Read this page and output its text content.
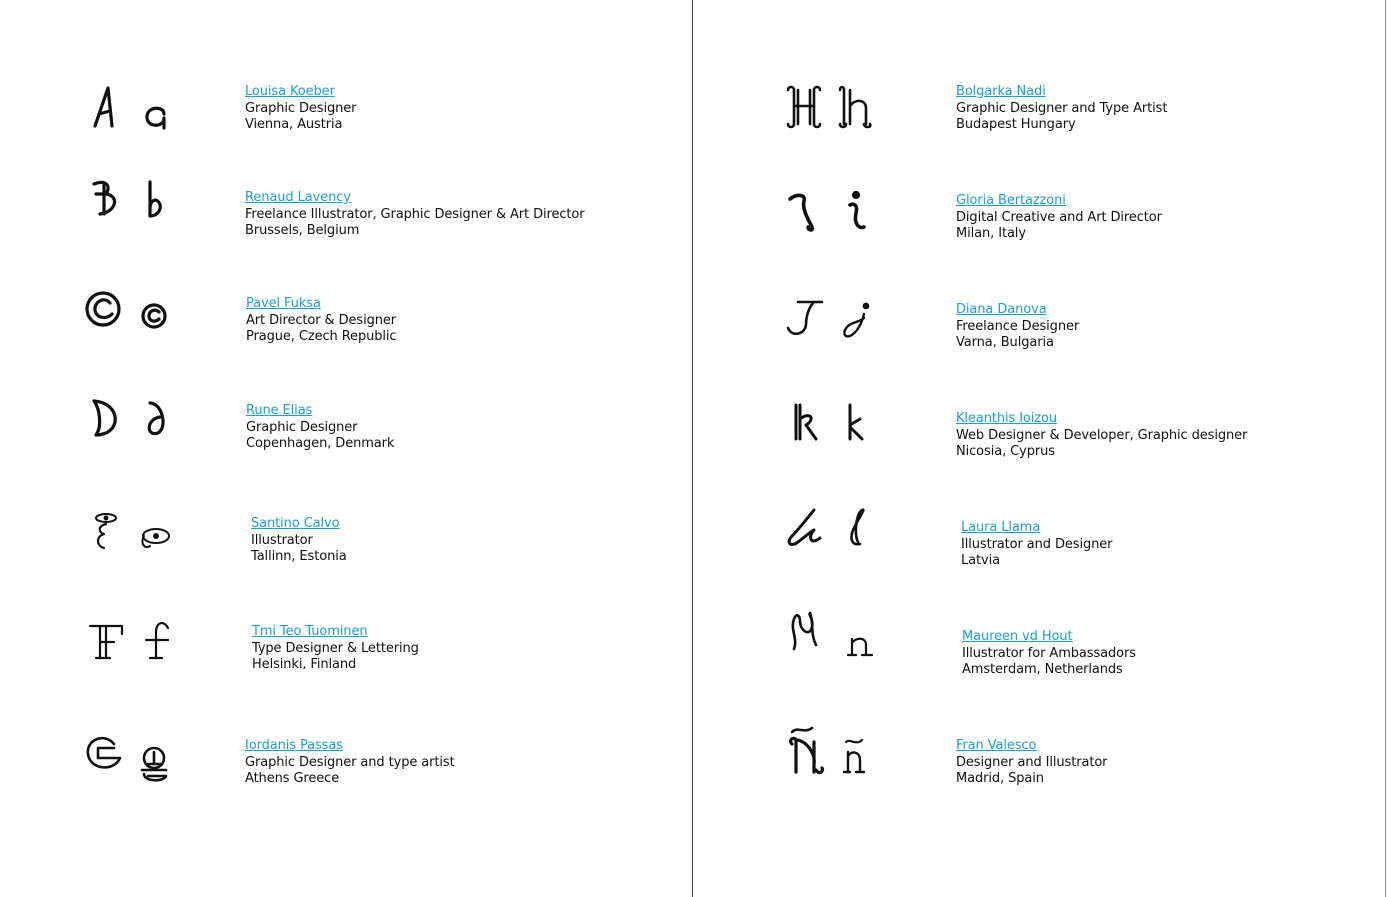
Louisa Koeber
Graphic Designer
Vienna, Austria
Renaud Lavency
Freelance Illustrator, Graphic Designer & Art Director
Brussels, Belgium
Pavel Fuksa
Art Director & Designer
Prague, Czech Republic
Rune Elias
Graphic Designer
Copenhagen, Denmark
Santino Calvo
Illustrator
Tallinn, Estonia
Tmi Teo Tuominen
Type Designer & Lettering
Helsinki, Finland
Iordanis Passas
Graphic Designer and type artist
Athens Greece
Bolgarka Nadi
Graphic Designer and Type Artist
Budapest Hungary
Gloria Bertazzoni
Digital Creative and Art Director
Milan, Italy
Diana Danova
Freelance Designer
Varna, Bulgaria
Kleanthis Ioizou
Web Designer & Developer, Graphic designer
Nicosia, Cyprus
Laura Llama
Illustrator and Designer
Latvia
Maureen vd Hout
Illustrator for Ambassadors
Amsterdam, Netherlands
Fran Valesco
Designer and Illustrator
Madrid, Spain
